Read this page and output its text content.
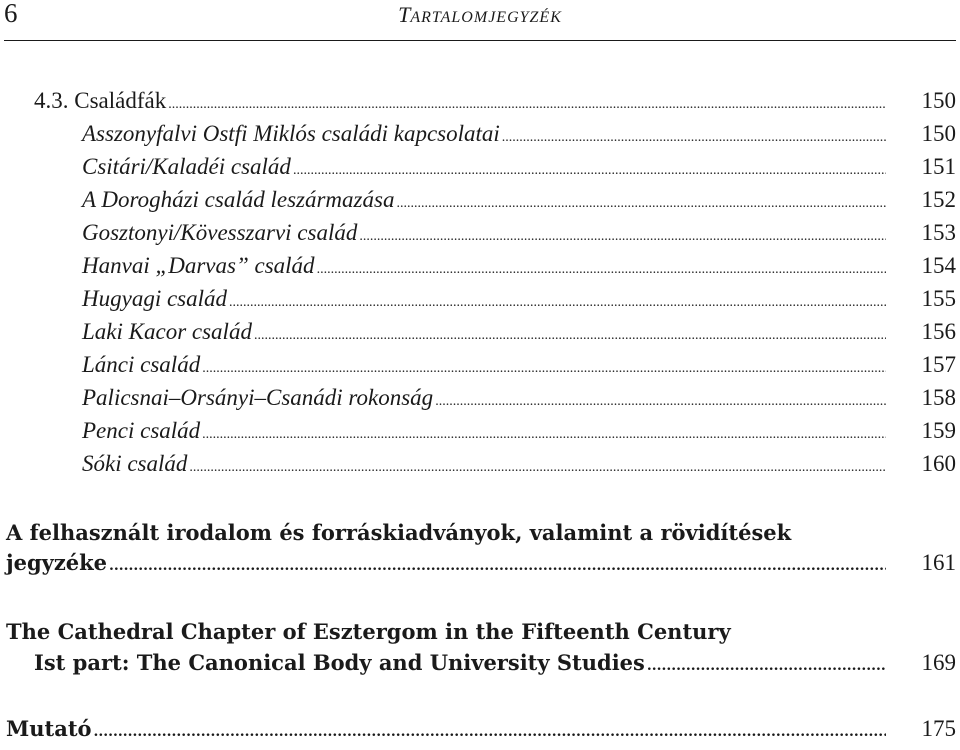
6	TARTALOMJEGYZÉK
4.3. Családfák .....	150
Asszonyfalvi Ostfi Miklós családi kapcsolatai .....	150
Csitári/Kaladéi család .....	151
A Dorogházi család leszármazása .....	152
Gosztonyi/Kövesszarvi család .....	153
Hanvai „Darvas” család .....	154
Hugyagi család .....	155
Laki Kacor család .....	156
Lánci család .....	157
Palicsnai–Orsányi–Csanádi rokonság .....	158
Penci család .....	159
Sóki család .....	160
A felhasznált irodalom és forráskiadványok, valamint a rövidítések
jegyzéke .....	161
The Cathedral Chapter of Esztergom in the Fifteenth Century
Ist part: The Canonical Body and University Studies .....	169
Mutató .....	175
